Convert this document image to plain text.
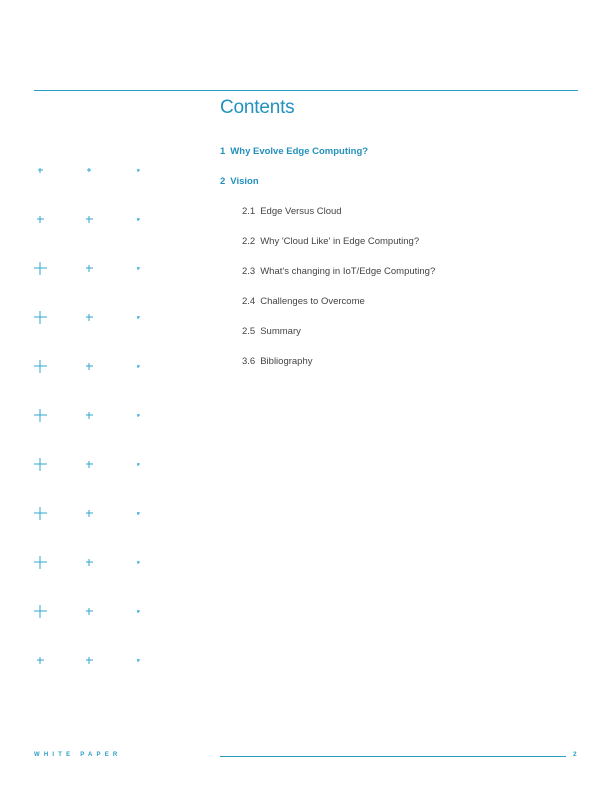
Contents
1 Why Evolve Edge Computing?
2 Vision
2.1 Edge Versus Cloud
2.2 Why 'Cloud Like' in Edge Computing?
2.3 What's changing in IoT/Edge Computing?
2.4 Challenges to Overcome
2.5 Summary
3.6 Bibliography
WHITE PAPER	2
